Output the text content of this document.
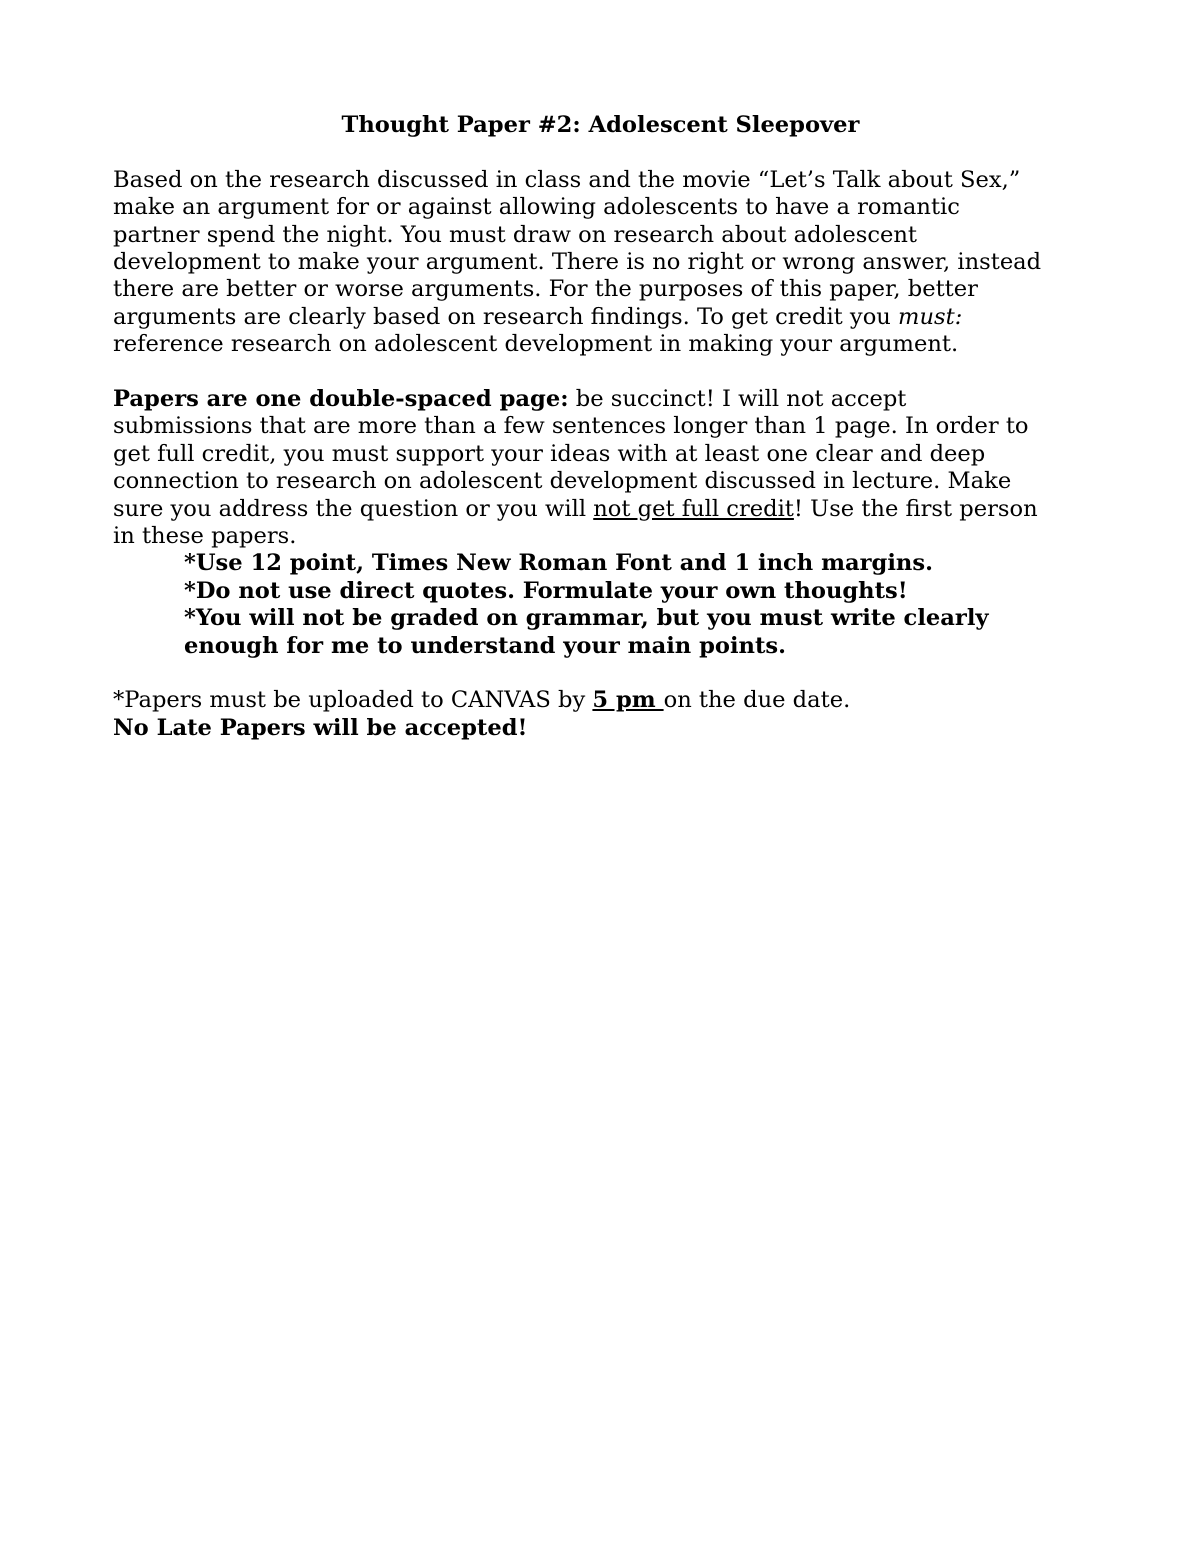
Thought Paper #2: Adolescent Sleepover
Based on the research discussed in class and the movie “Let’s Talk about Sex,”
make an argument for or against allowing adolescents to have a romantic
partner spend the night. You must draw on research about adolescent
development to make your argument. There is no right or wrong answer, instead
there are better or worse arguments. For the purposes of this paper, better
arguments are clearly based on research findings. To get credit you must:
reference research on adolescent development in making your argument.
Papers are one double-spaced page: be succinct! I will not accept
submissions that are more than a few sentences longer than 1 page. In order to
get full credit, you must support your ideas with at least one clear and deep
connection to research on adolescent development discussed in lecture. Make
sure you address the question or you will not get full credit! Use the first person
in these papers.
*Use 12 point, Times New Roman Font and 1 inch margins.
*Do not use direct quotes. Formulate your own thoughts!
*You will not be graded on grammar, but you must write clearly
enough for me to understand your main points.
*Papers must be uploaded to CANVAS by 5 pm on the due date.
No Late Papers will be accepted!
